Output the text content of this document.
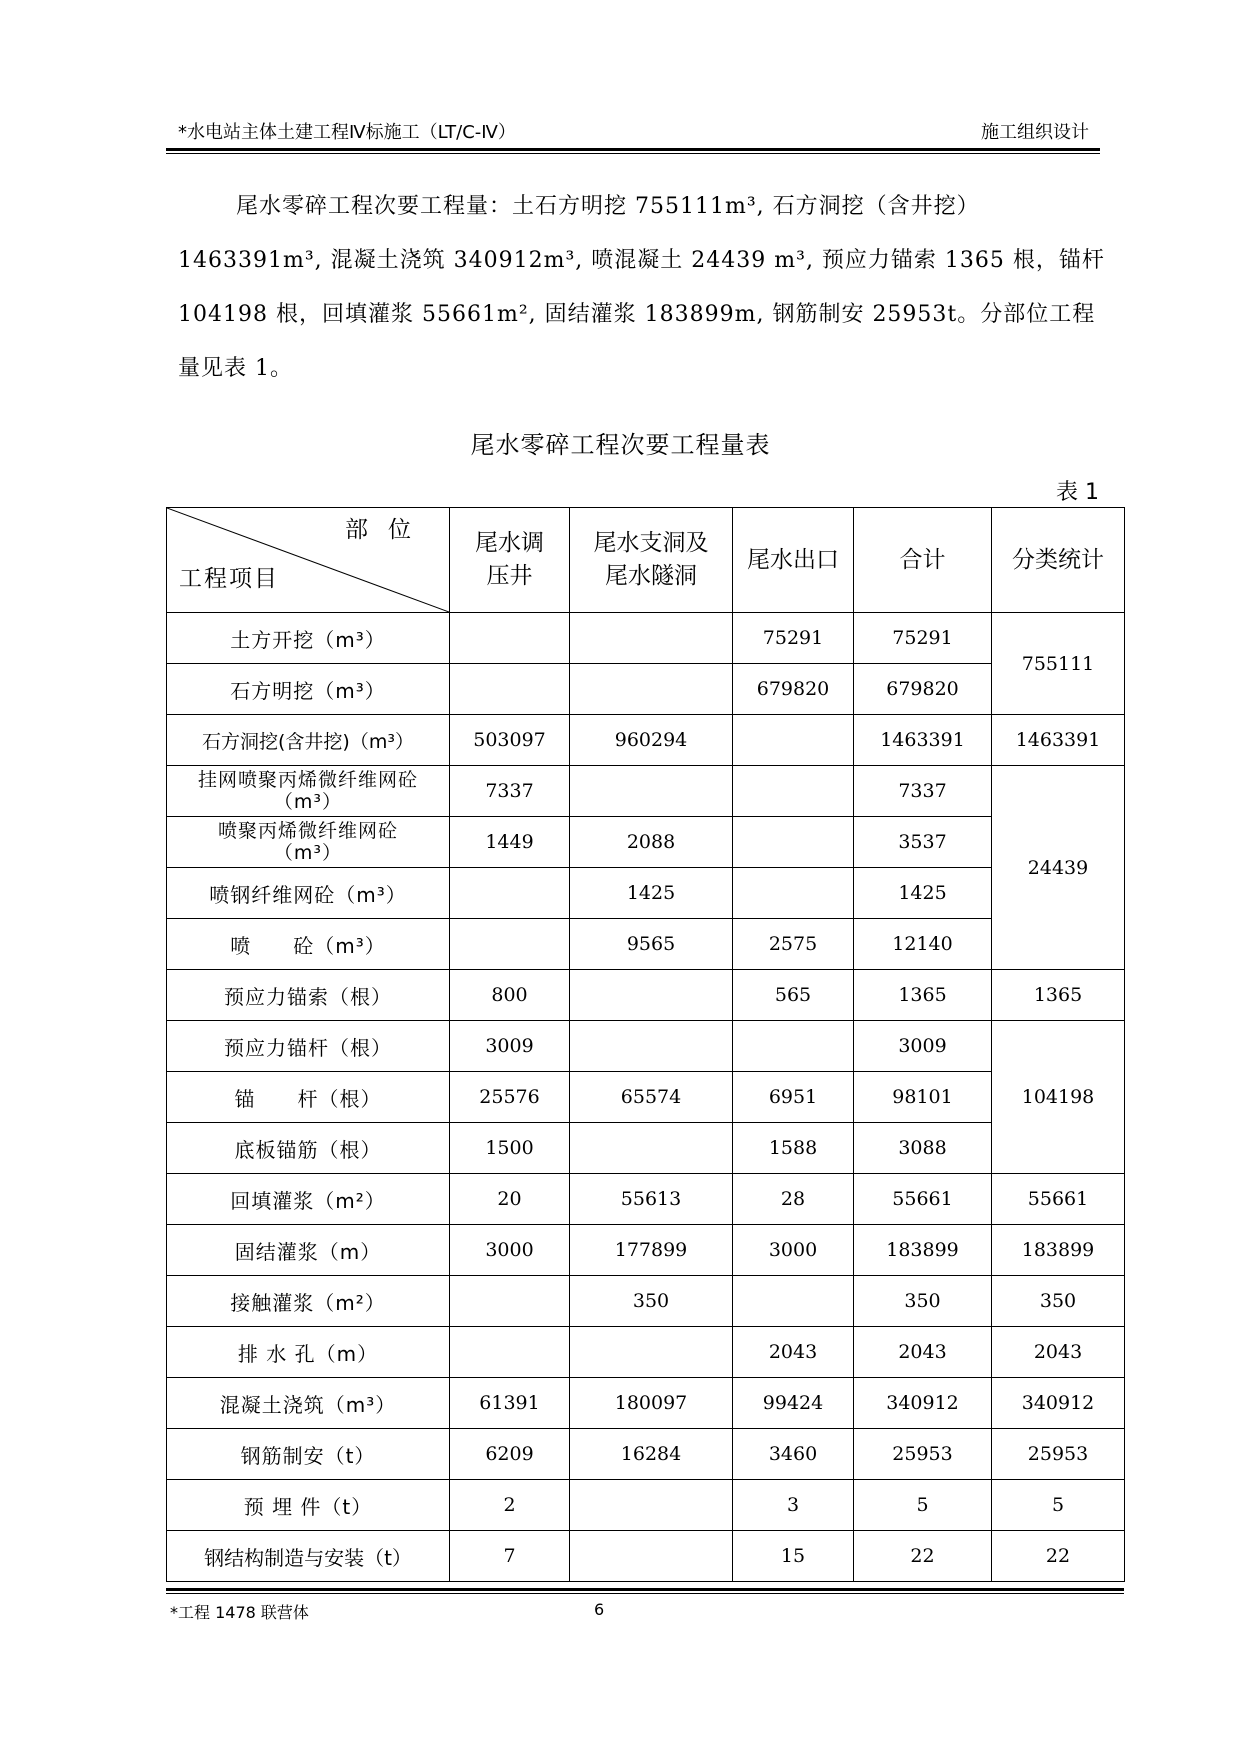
*水电站主体土建工程Ⅳ标施工（LT/C-Ⅳ）	施工组织设计
尾水零碎工程次要工程量：土石方明挖 755111m³, 石方洞挖（含井挖）1463391m³, 混凝土浇筑 340912m³, 喷混凝土 24439 m³, 预应力锚索 1365 根，锚杆 104198 根，回填灌浆 55661m², 固结灌浆 183899m, 钢筋制安 25953t。分部位工程量见表 1。
尾水零碎工程次要工程量表
表 1
部位
工程项目	尾水调压井	尾水支洞及尾水隧洞	尾水出口	合计	分类统计
土方开挖（m³）			75291	75291	755111
石方明挖（m³）			679820	679820	
石方洞挖(含井挖)（m³）	503097	960294		1463391	1463391
挂网喷聚丙烯微纤维网砼（m³）	7337			7337	24439
喷聚丙烯微纤维网砼（m³）	1449	2088		3537	
喷钢纤维网砼（m³）		1425		1425	
喷　　砼（m³）		9565	2575	12140	
预应力锚索（根）	800		565	1365	1365
预应力锚杆（根）	3009			3009	104198
锚　　杆（根）	25576	65574	6951	98101	
底板锚筋（根）	1500		1588	3088	
回填灌浆（m²）	20	55613	28	55661	55661
固结灌浆（m）	3000	177899	3000	183899	183899
接触灌浆（m²）		350		350	350
排 水 孔（m）			2043	2043	2043
混凝土浇筑（m³）	61391	180097	99424	340912	340912
钢筋制安（t）	6209	16284	3460	25953	25953
预 埋 件（t）	2		3	5	5
钢结构制造与安装（t）	7		15	22	22
*工程 1478 联营体	6
